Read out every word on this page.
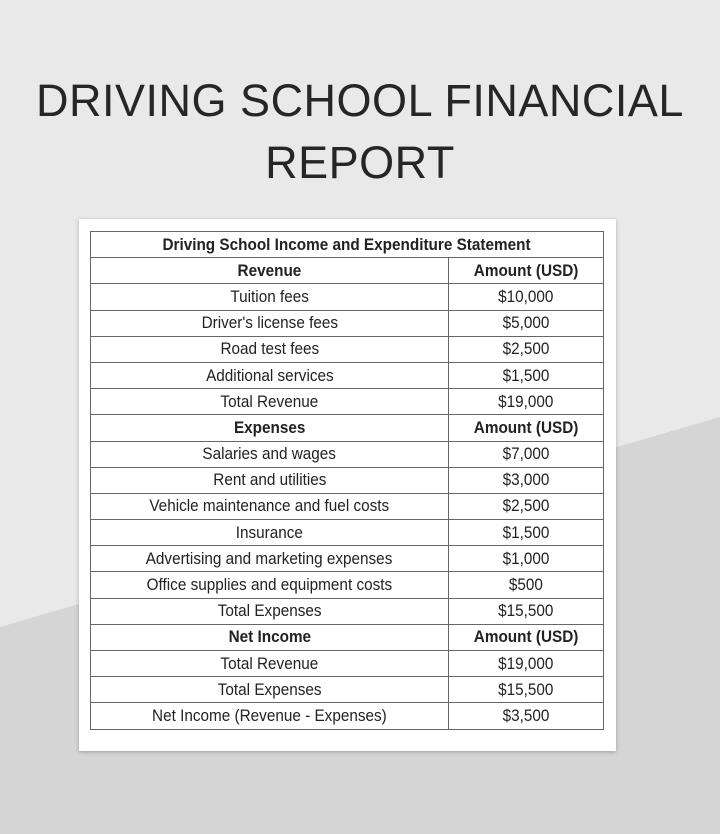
DRIVING SCHOOL FINANCIAL
REPORT
Driving School Income and Expenditure Statement	
Revenue	Amount (USD)
Tuition fees	$10,000
Driver's license fees	$5,000
Road test fees	$2,500
Additional services	$1,500
Total Revenue	$19,000
Expenses	Amount (USD)
Salaries and wages	$7,000
Rent and utilities	$3,000
Vehicle maintenance and fuel costs	$2,500
Insurance	$1,500
Advertising and marketing expenses	$1,000
Office supplies and equipment costs	$500
Total Expenses	$15,500
Net Income	Amount (USD)
Total Revenue	$19,000
Total Expenses	$15,500
Net Income (Revenue - Expenses)	$3,500
